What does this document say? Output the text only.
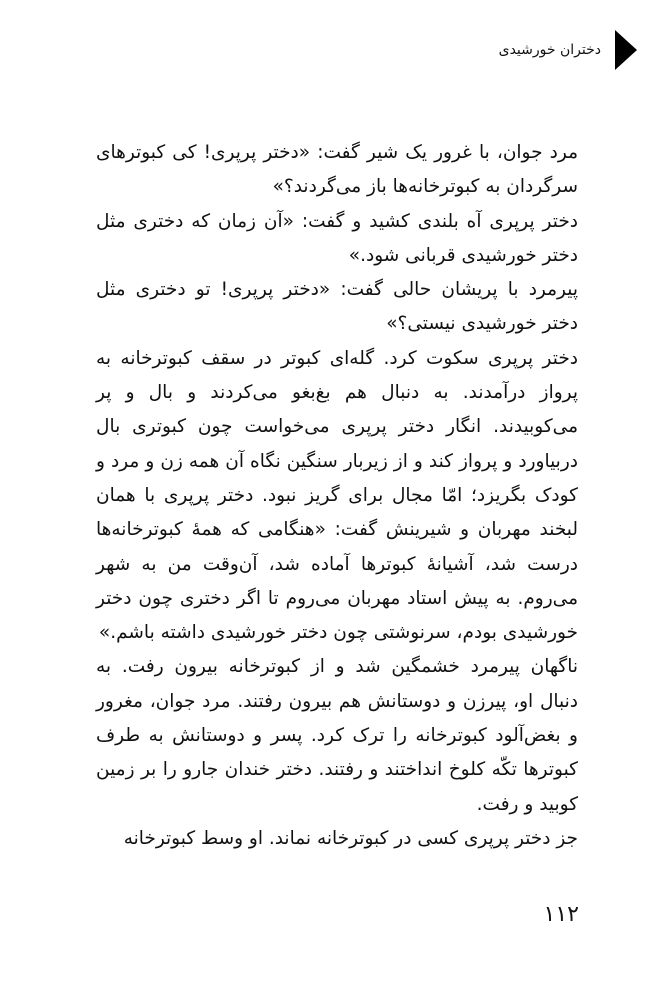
دختران خورشیدی

مرد جوان، با غرور یک شیر گفت: «دختر پرپری! کی کبوترهای سرگردان به کبوترخانه‌ها باز می‌گردند؟»

دختر پرپری آه بلندی کشید و گفت: «آن زمان که دختری مثل دختر خورشیدی قربانی شود.»

پیرمرد با پریشان حالی گفت: «دختر پرپری! تو دختری مثل دختر خورشیدی نیستی؟»

دختر پرپری سکوت کرد. گله‌ای کبوتر در سقف کبوترخانه به پرواز درآمدند. به دنبال هم بغ‌بغو می‌کردند و بال و پر می‌کوبیدند. انگار دختر پرپری می‌خواست چون کبوتری بال دربیاورد و پرواز کند و از زیربار سنگین نگاه آن همه زن و مرد و کودک بگریزد؛ امّا مجال برای گریز نبود. دختر پرپری با همان لبخند مهربان و شیرینش گفت: «هنگامی که همهٔ کبوترخانه‌ها درست شد، آشیانهٔ کبوترها آماده شد، آن‌وقت من به شهر می‌روم. به پیش استاد مهربان می‌روم تا اگر دختری چون دختر خورشیدی بودم، سرنوشتی چون دختر خورشیدی داشته باشم.»

ناگهان پیرمرد خشمگین شد و از کبوترخانه بیرون رفت. به دنبال او، پیرزن و دوستانش هم بیرون رفتند. مرد جوان، مغرور و بغض‌آلود کبوترخانه را ترک کرد. پسر و دوستانش به طرف کبوترها تکّه کلوخ انداختند و رفتند. دختر خندان جارو را بر زمین کوبید و رفت.

جز دختر پرپری کسی در کبوترخانه نماند. او وسط کبوترخانه

۱۱۲
